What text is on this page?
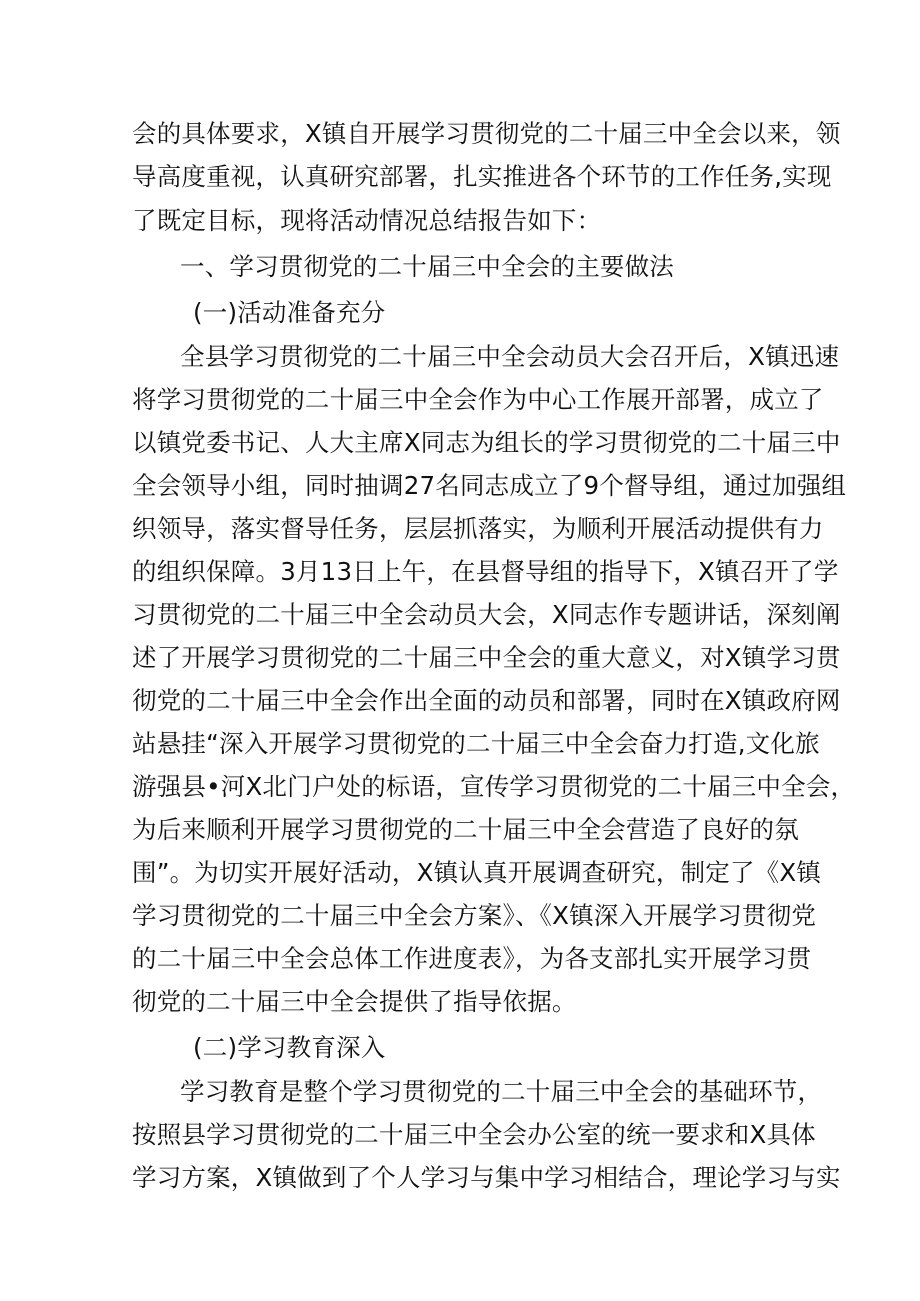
会的具体要求，X镇自开展学习贯彻党的二十届三中全会以来，领
导高度重视，认真研究部署，扎实推进各个环节的工作任务,实现
了既定目标，现将活动情况总结报告如下：
一、学习贯彻党的二十届三中全会的主要做法
(一)活动准备充分
全县学习贯彻党的二十届三中全会动员大会召开后，X镇迅速
将学习贯彻党的二十届三中全会作为中心工作展开部署，成立了
以镇党委书记、人大主席X同志为组长的学习贯彻党的二十届三中
全会领导小组，同时抽调27名同志成立了9个督导组，通过加强组
织领导，落实督导任务，层层抓落实，为顺利开展活动提供有力
的组织保障。3月13日上午，在县督导组的指导下，X镇召开了学
习贯彻党的二十届三中全会动员大会，X同志作专题讲话，深刻阐
述了开展学习贯彻党的二十届三中全会的重大意义，对X镇学习贯
彻党的二十届三中全会作出全面的动员和部署，同时在X镇政府网
站悬挂“深入开展学习贯彻党的二十届三中全会奋力打造,文化旅
游强县•河X北门户处的标语，宣传学习贯彻党的二十届三中全会，
为后来顺利开展学习贯彻党的二十届三中全会营造了良好的氛
围”。为切实开展好活动，X镇认真开展调查研究，制定了《X镇
学习贯彻党的二十届三中全会方案》、《X镇深入开展学习贯彻党
的二十届三中全会总体工作进度表》，为各支部扎实开展学习贯
彻党的二十届三中全会提供了指导依据。
(二)学习教育深入
学习教育是整个学习贯彻党的二十届三中全会的基础环节，
按照县学习贯彻党的二十届三中全会办公室的统一要求和X具体
学习方案，X镇做到了个人学习与集中学习相结合，理论学习与实
